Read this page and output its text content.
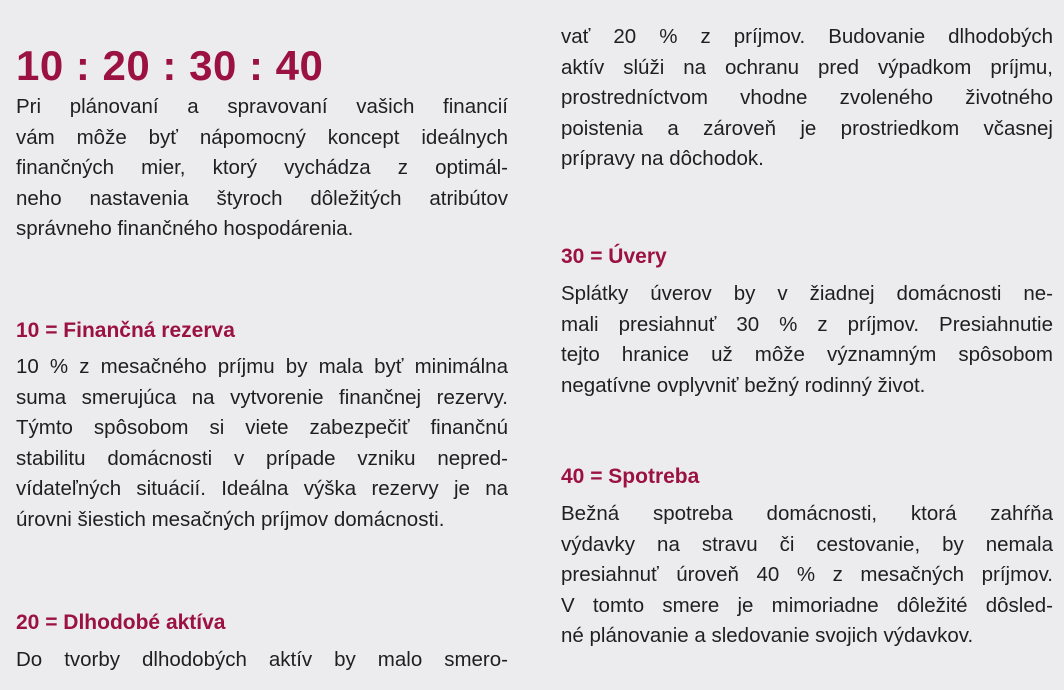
10 : 20 : 30 : 40

Pri plánovaní a spravovaní vašich financií
vám môže byť nápomocný koncept ideálnych
finančných mier, ktorý vychádza z optimál-
neho nastavenia štyroch dôležitých atribútov
správneho finančného hospodárenia.

10 = Finančná rezerva

10 % z mesačného príjmu by mala byť minimálna
suma smerujúca na vytvorenie finančnej rezervy.
Týmto spôsobom si viete zabezpečiť finančnú
stabilitu domácnosti v prípade vzniku nepred-
vídateľných situácií. Ideálna výška rezervy je na
úrovni šiestich mesačných príjmov domácnosti.

20 = Dlhodobé aktíva

Do tvorby dlhodobých aktív by malo smero-

vať 20 % z príjmov. Budovanie dlhodobých
aktív slúži na ochranu pred výpadkom príjmu,
prostredníctvom vhodne zvoleného životného
poistenia a zároveň je prostriedkom včasnej
prípravy na dôchodok.

30 = Úvery

Splátky úverov by v žiadnej domácnosti ne-
mali presiahnuť 30 % z príjmov. Presiahnutie
tejto hranice už môže významným spôsobom
negatívne ovplyvniť bežný rodinný život.

40 = Spotreba

Bežná spotreba domácnosti, ktorá zahŕňa
výdavky na stravu či cestovanie, by nemala
presiahnuť úroveň 40 % z mesačných príjmov.
V tomto smere je mimoriadne dôležité dôsled-
né plánovanie a sledovanie svojich výdavkov.
